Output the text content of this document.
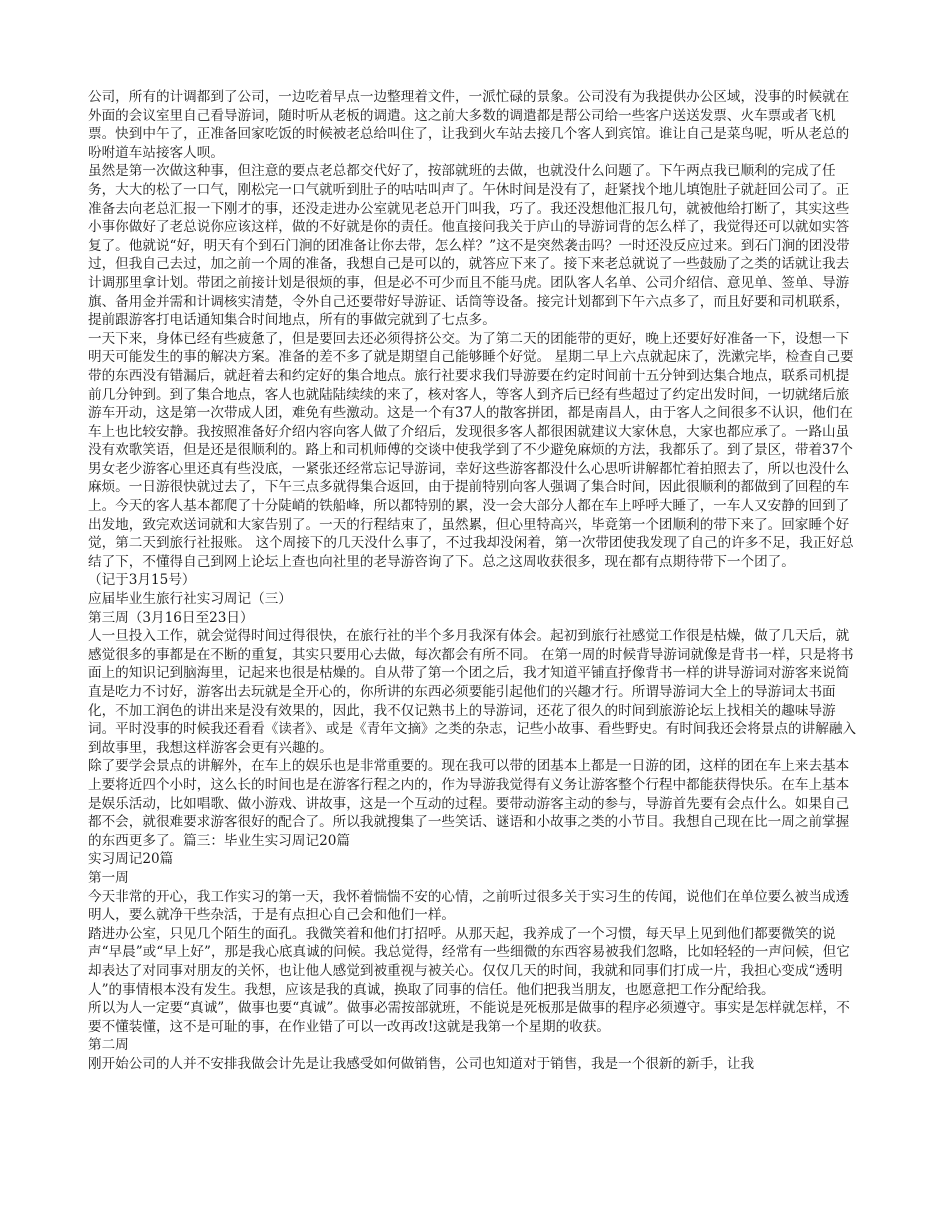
公司，所有的计调都到了公司，一边吃着早点一边整理着文件，一派忙碌的景象。公司没有为我提供办公区域，没事的时候就在外面的会议室里自己看导游词，随时听从老板的调遣。这之前大多数的调遣都是帮公司给一些客户送送发票、火车票或者飞机票。快到中午了，正准备回家吃饭的时候被老总给叫住了，让我到火车站去接几个客人到宾馆。谁让自己是菜鸟呢，听从老总的吩咐道车站接客人呗。

虽然是第一次做这种事，但注意的要点老总都交代好了，按部就班的去做，也就没什么问题了。下午两点我已顺利的完成了任务，大大的松了一口气，刚松完一口气就听到肚子的咕咕叫声了。午休时间是没有了，赶紧找个地儿填饱肚子就赶回公司了。正准备去向老总汇报一下刚才的事，还没走进办公室就见老总开门叫我，巧了。我还没想他汇报几句，就被他给打断了，其实这些小事你做好了老总说你应该这样，做的不好就是你的责任。他直接问我关于庐山的导游词背的怎么样了，我觉得还可以就如实答复了。他就说“好，明天有个到石门涧的团准备让你去带，怎么样？”这不是突然袭击吗？一时还没反应过来。到石门涧的团没带过，但我自己去过，加之前一个周的准备，我想自己是可以的，就答应下来了。接下来老总就说了一些鼓励了之类的话就让我去计调那里拿计划。带团之前接计划是很烦的事，但是必不可少而且不能马虎。团队客人名单、公司介绍信、意见单、签单、导游旗、备用金并需和计调核实清楚，令外自己还要带好导游证、话筒等设备。接完计划都到下午六点多了，而且好要和司机联系，提前跟游客打电话通知集合时间地点，所有的事做完就到了七点多。

一天下来，身体已经有些疲惫了，但是要回去还必须得挤公交。为了第二天的团能带的更好，晚上还要好好准备一下，设想一下明天可能发生的事的解决方案。准备的差不多了就是期望自己能够睡个好觉。 星期二早上六点就起床了，洗漱完毕，检查自己要带的东西没有错漏后，就赶着去和约定好的集合地点。旅行社要求我们导游要在约定时间前十五分钟到达集合地点，联系司机提前几分钟到。到了集合地点，客人也就陆陆续续的来了，核对客人，等客人到齐后已经有些超过了约定出发时间，一切就绪后旅游车开动，这是第一次带成人团，难免有些激动。这是一个有37人的散客拼团，都是南昌人，由于客人之间很多不认识，他们在车上也比较安静。我按照准备好介绍内容向客人做了介绍后，发现很多客人都很困就建议大家休息，大家也都应承了。一路山虽没有欢歌笑语，但是还是很顺利的。路上和司机师傅的交谈中使我学到了不少避免麻烦的方法，我都乐了。到了景区，带着37个男女老少游客心里还真有些没底，一紧张还经常忘记导游词，幸好这些游客都没什么心思听讲解都忙着拍照去了，所以也没什么麻烦。一日游很快就过去了，下午三点多就得集合返回，由于提前特别向客人强调了集合时间，因此很顺利的都做到了回程的车上。今天的客人基本都爬了十分陡峭的铁船峰，所以都特别的累，没一会大部分人都在车上呼呼大睡了，一车人又安静的回到了出发地，致完欢送词就和大家告别了。一天的行程结束了，虽然累，但心里特高兴，毕竟第一个团顺利的带下来了。回家睡个好觉，第二天到旅行社报账。 这个周接下的几天没什么事了，不过我却没闲着，第一次带团使我发现了自己的许多不足，我正好总结了下，不懂得自己到网上论坛上查也向社里的老导游咨询了下。总之这周收获很多，现在都有点期待带下一个团了。

（记于3月15号）

应届毕业生旅行社实习周记（三）

第三周（3月16日至23日）

人一旦投入工作，就会觉得时间过得很快，在旅行社的半个多月我深有体会。起初到旅行社感觉工作很是枯燥，做了几天后，就感觉很多的事都是在不断的重复，其实只要用心去做，每次都会有所不同。 在第一周的时候背导游词就像是背书一样，只是将书面上的知识记到脑海里，记起来也很是枯燥的。自从带了第一个团之后，我才知道平铺直抒像背书一样的讲导游词对游客来说简直是吃力不讨好，游客出去玩就是全开心的，你所讲的东西必须要能引起他们的兴趣才行。所谓导游词大全上的导游词太书面化，不加工润色的讲出来是没有效果的，因此，我不仅记熟书上的导游词，还花了很久的时间到旅游论坛上找相关的趣味导游词。平时没事的时候我还看看《读者》、或是《青年文摘》之类的杂志，记些小故事、看些野史。有时间我还会将景点的讲解融入到故事里，我想这样游客会更有兴趣的。

除了要学会景点的讲解外，在车上的娱乐也是非常重要的。现在我可以带的团基本上都是一日游的团，这样的团在车上来去基本上要将近四个小时，这么长的时间也是在游客行程之内的，作为导游我觉得有义务让游客整个行程中都能获得快乐。在车上基本是娱乐活动，比如唱歌、做小游戏、讲故事，这是一个互动的过程。要带动游客主动的参与，导游首先要有会点什么。如果自己都不会，就很难要求游客很好的配合了。所以我就搜集了一些笑话、谜语和小故事之类的小节目。我想自己现在比一周之前掌握的东西更多了。篇三：毕业生实习周记20篇

实习周记20篇

第一周

今天非常的开心，我工作实习的第一天，我怀着惴惴不安的心情，之前听过很多关于实习生的传闻，说他们在单位要么被当成透明人，要么就净干些杂活，于是有点担心自己会和他们一样。

踏进办公室，只见几个陌生的面孔。我微笑着和他们打招呼。从那天起，我养成了一个习惯，每天早上见到他们都要微笑的说声“早晨”或“早上好”，那是我心底真诚的问候。我总觉得，经常有一些细微的东西容易被我们忽略，比如轻轻的一声问候，但它却表达了对同事对朋友的关怀，也让他人感觉到被重视与被关心。仅仅几天的时间，我就和同事们打成一片，我担心变成“透明人”的事情根本没有发生。我想，应该是我的真诚，换取了同事的信任。他们把我当朋友，也愿意把工作分配给我。

所以为人一定要“真诚”，做事也要“真诚”。做事必需按部就班，不能说是死板那是做事的程序必须遵守。事实是怎样就怎样，不要不懂装懂，这不是可耻的事，在作业错了可以一改再改!这就是我第一个星期的收获。

第二周

刚开始公司的人并不安排我做会计先是让我感受如何做销售，公司也知道对于销售，我是一个很新的新手，让我
